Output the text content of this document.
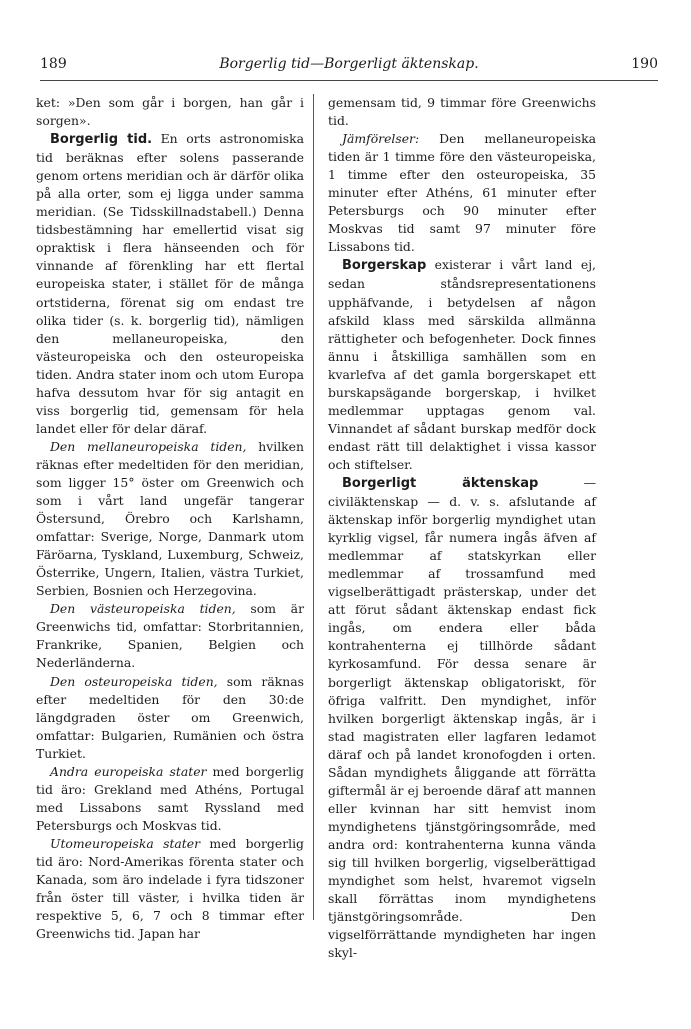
189	Borgerlig tid—Borgerligt äktenskap.	190

ket: »Den som går i borgen, han går i sorgen».

Borgerlig tid. En orts astronomiska tid beräknas efter solens passerande genom ortens meridian och är därför olika på alla orter, som ej ligga under samma meridian. (Se Tidsskillnadstabell.) Denna tidsbestämning har emellertid visat sig opraktisk i flera hänseenden och för vinnande af förenkling har ett flertal europeiska stater, i stället för de många ortstiderna, förenat sig om endast tre olika tider (s. k. borgerlig tid), nämligen den mellaneuropeiska, den västeuropeiska och den osteuropeiska tiden. Andra stater inom och utom Europa hafva dessutom hvar för sig antagit en viss borgerlig tid, gemensam för hela landet eller för delar däraf.

Den mellaneuropeiska tiden, hvilken räknas efter medeltiden för den meridian, som ligger 15° öster om Greenwich och som i vårt land ungefär tangerar Östersund, Örebro och Karlshamn, omfattar: Sverige, Norge, Danmark utom Färöarna, Tyskland, Luxemburg, Schweiz, Österrike, Ungern, Italien, västra Turkiet, Serbien, Bosnien och Herzegovina.

Den västeuropeiska tiden, som är Greenwichs tid, omfattar: Storbritannien, Frankrike, Spanien, Belgien och Nederländerna.

Den osteuropeiska tiden, som räknas efter medeltiden för den 30:de längdgraden öster om Greenwich, omfattar: Bulgarien, Rumänien och östra Turkiet.

Andra europeiska stater med borgerlig tid äro: Grekland med Athéns, Portugal med Lissabons samt Ryssland med Petersburgs och Moskvas tid.

Utomeuropeiska stater med borgerlig tid äro: Nord-Amerikas förenta stater och Kanada, som äro indelade i fyra tidszoner från öster till väster, i hvilka tiden är respektive 5, 6, 7 och 8 timmar efter Greenwichs tid. Japan har

gemensam tid, 9 timmar före Greenwichs tid.

Jämförelser: Den mellaneuropeiska tiden är 1 timme före den västeuropeiska, 1 timme efter den osteuropeiska, 35 minuter efter Athéns, 61 minuter efter Petersburgs och 90 minuter efter Moskvas tid samt 97 minuter före Lissabons tid.

Borgerskap existerar i vårt land ej, sedan ståndsrepresentationens upphäfvande, i betydelsen af någon afskild klass med särskilda allmänna rättigheter och befogenheter. Dock finnes ännu i åtskilliga samhällen som en kvarlefva af det gamla borgerskapet ett burskapsägande borgerskap, i hvilket medlemmar upptagas genom val. Vinnandet af sådant burskap medför dock endast rätt till delaktighet i vissa kassor och stiftelser.

Borgerligt äktenskap — civiläktenskap — d. v. s. afslutande af äktenskap inför borgerlig myndighet utan kyrklig vigsel, får numera ingås äfven af medlemmar af statskyrkan eller medlemmar af trossamfund med vigselberättigadt prästerskap, under det att förut sådant äktenskap endast fick ingås, om endera eller båda kontrahenterna ej tillhörde sådant kyrkosamfund. För dessa senare är borgerligt äktenskap obligatoriskt, för öfriga valfritt. Den myndighet, inför hvilken borgerligt äktenskap ingås, är i stad magistraten eller lagfaren ledamot däraf och på landet kronofogden i orten. Sådan myndighets åliggande att förrätta giftermål är ej beroende däraf att mannen eller kvinnan har sitt hemvist inom myndighetens tjänstgöringsområde, med andra ord: kontrahenterna kunna vända sig till hvilken borgerlig, vigselberättigad myndighet som helst, hvaremot vigseln skall förrättas inom myndighetens tjänstgöringsområde. Den vigselförrättande myndigheten har ingen skyl-
